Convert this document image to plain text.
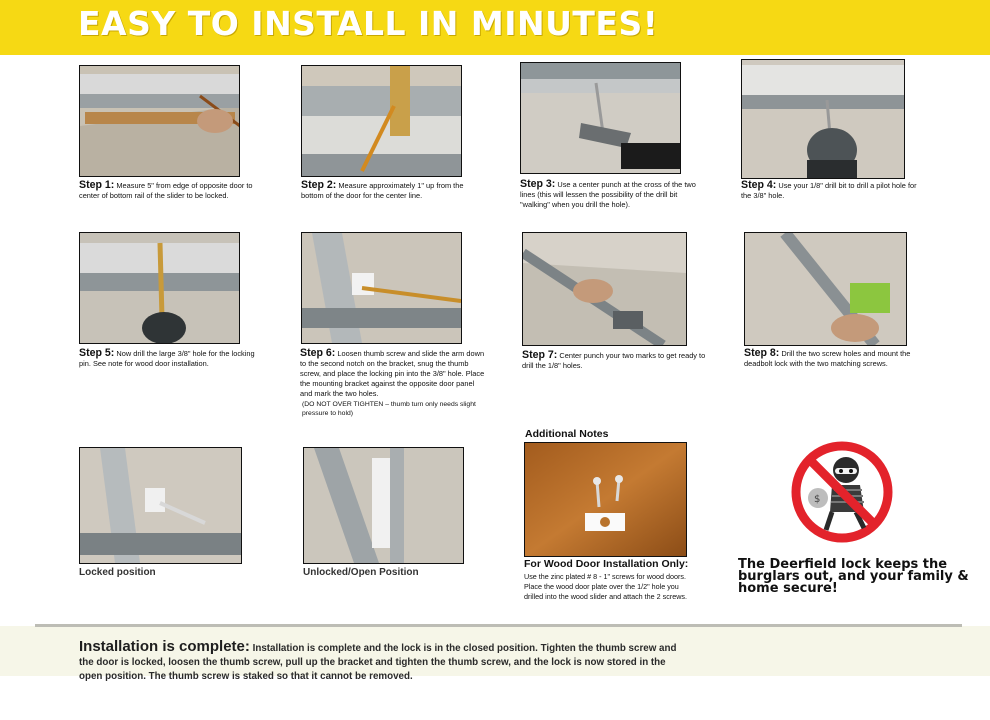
EASY TO INSTALL IN MINUTES!
Step 1: Measure 5" from edge of opposite door to center of bottom rail of the slider to be locked.
Step 2: Measure approximately 1" up from the bottom of the door for the center line.
Step 3: Use a center punch at the cross of the two lines (this will lessen the possibility of the drill bit "walking" when you drill the hole).
Step 4: Use your 1/8" drill bit to drill a pilot hole for the 3/8" hole.
Step 5: Now drill the large 3/8" hole for the locking pin. See note for wood door installation.
Step 6: Loosen thumb screw and slide the arm down to the second notch on the bracket, snug the thumb screw, and place the locking pin into the 3/8" hole. Place the mounting bracket against the opposite door panel and mark the two holes.
(DO NOT OVER TIGHTEN – thumb turn only needs slight pressure to hold)
Step 7: Center punch your two marks to get ready to drill the 1/8" holes.
Step 8: Drill the two screw holes and mount the deadbolt lock with the two matching screws.
Locked position	Unlocked/Open Position
Additional Notes
For Wood Door Installation Only:
Use the zinc plated # 8 - 1" screws for wood doors. Place the wood door plate over the 1/2" hole you drilled into the wood slider and attach the 2 screws.
$
The Deerfield lock keeps the burglars out, and your family & home secure!
Installation is complete: Installation is complete and the lock is in the closed position. Tighten the thumb screw and the door is locked, loosen the thumb screw, pull up the bracket and tighten the thumb screw, and the lock is now stored in the open position. The thumb screw is staked so that it cannot be removed.
